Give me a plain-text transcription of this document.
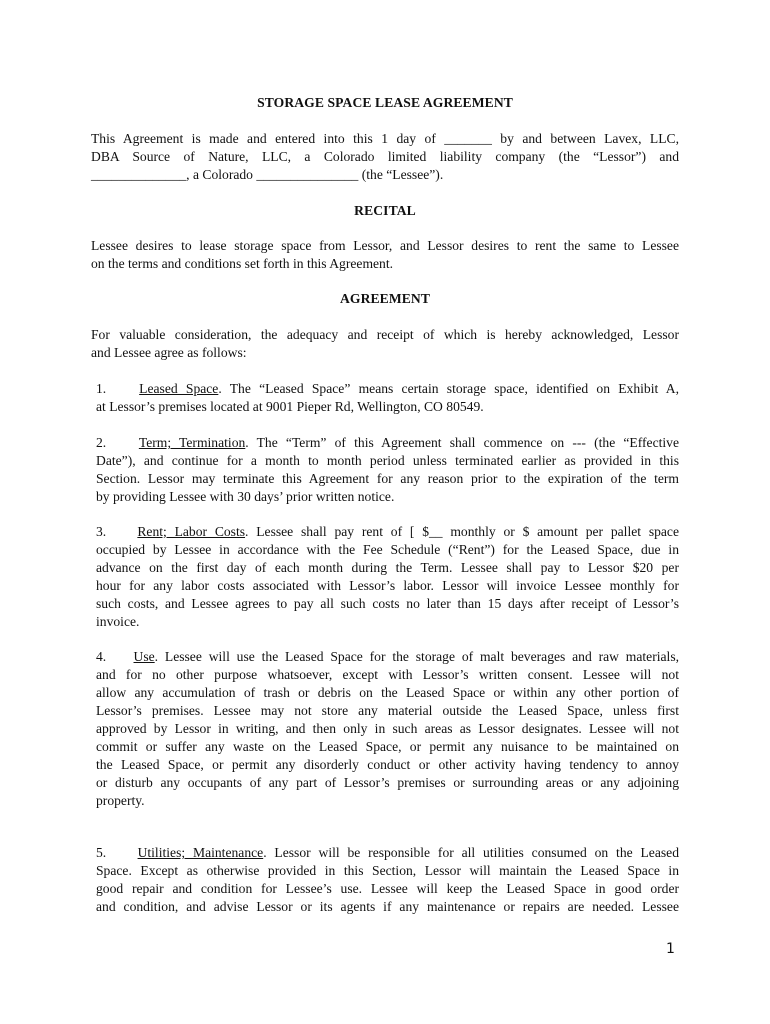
STORAGE SPACE LEASE AGREEMENT
This Agreement is made and entered into this 1 day of _______ by and between Lavex, LLC,
DBA Source of Nature, LLC, a Colorado limited liability company (the “Lessor”) and
______________, a Colorado _______________ (the “Lessee”).
RECITAL
Lessee desires to lease storage space from Lessor, and Lessor desires to rent the same to Lessee
on the terms and conditions set forth in this Agreement.
AGREEMENT
For valuable consideration, the adequacy and receipt of which is hereby acknowledged, Lessor
and Lessee agree as follows:
1. Leased Space. The “Leased Space” means certain storage space, identified on Exhibit A,
at Lessor’s premises located at 9001 Pieper Rd, Wellington, CO 80549.
2. Term; Termination. The “Term” of this Agreement shall commence on --- (the “Effective
Date”), and continue for a month to month period unless terminated earlier as provided in this
Section. Lessor may terminate this Agreement for any reason prior to the expiration of the term
by providing Lessee with 30 days’ prior written notice.
3. Rent; Labor Costs. Lessee shall pay rent of [ $__ monthly or $ amount per pallet space
occupied by Lessee in accordance with the Fee Schedule (“Rent”) for the Leased Space, due in
advance on the first day of each month during the Term. Lessee shall pay to Lessor $20 per
hour for any labor costs associated with Lessor’s labor. Lessor will invoice Lessee monthly for
such costs, and Lessee agrees to pay all such costs no later than 15 days after receipt of Lessor’s
invoice.
4. Use. Lessee will use the Leased Space for the storage of malt beverages and raw materials,
and for no other purpose whatsoever, except with Lessor’s written consent. Lessee will not
allow any accumulation of trash or debris on the Leased Space or within any other portion of
Lessor’s premises. Lessee may not store any material outside the Leased Space, unless first
approved by Lessor in writing, and then only in such areas as Lessor designates. Lessee will not
commit or suffer any waste on the Leased Space, or permit any nuisance to be maintained on
the Leased Space, or permit any disorderly conduct or other activity having tendency to annoy
or disturb any occupants of any part of Lessor’s premises or surrounding areas or any adjoining
property.
5. Utilities; Maintenance. Lessor will be responsible for all utilities consumed on the Leased
Space. Except as otherwise provided in this Section, Lessor will maintain the Leased Space in
good repair and condition for Lessee’s use. Lessee will keep the Leased Space in good order
and condition, and advise Lessor or its agents if any maintenance or repairs are needed. Lessee
1
